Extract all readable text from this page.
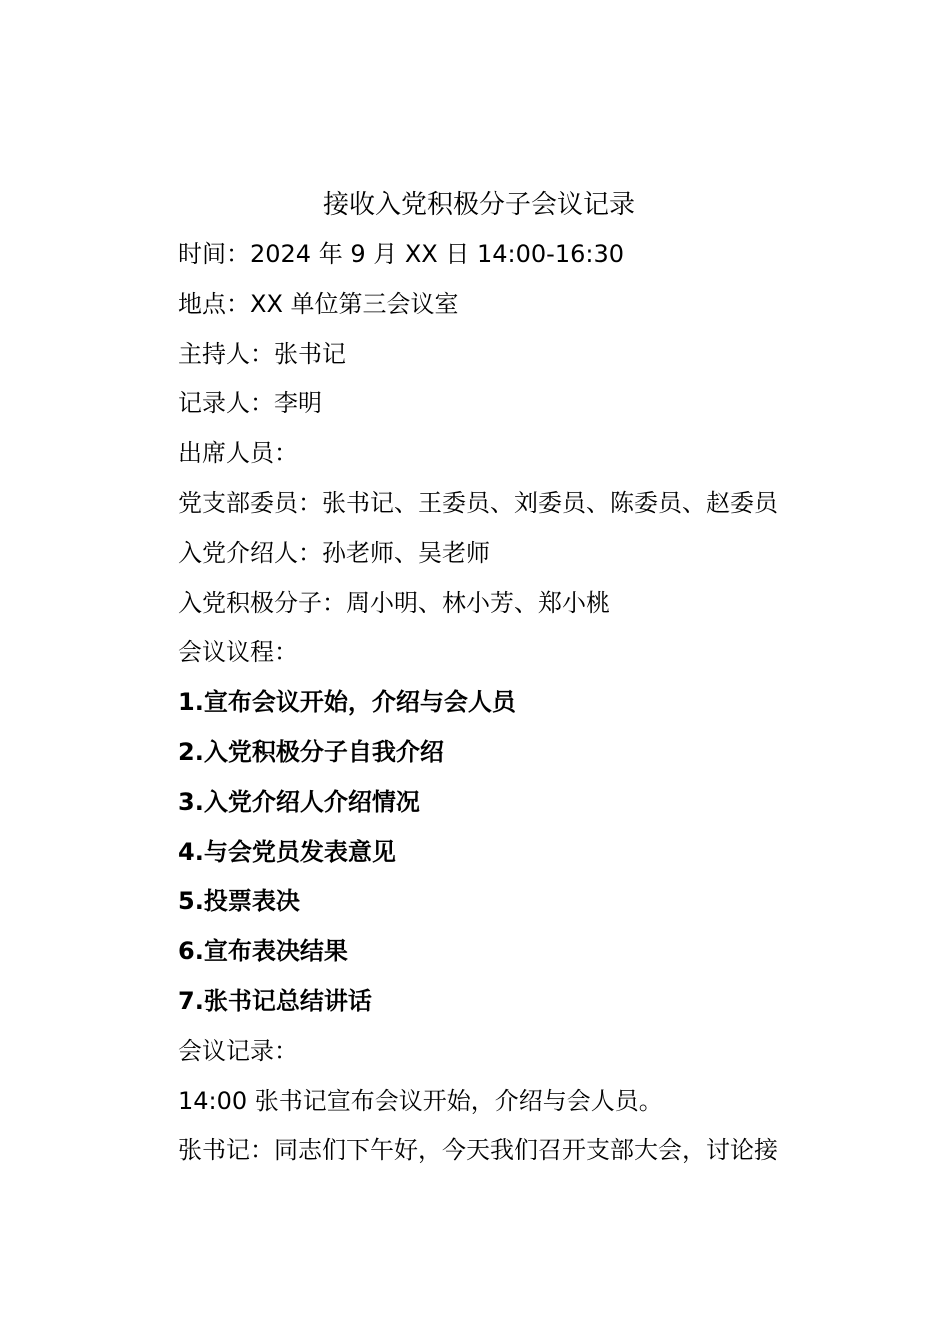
接收入党积极分子会议记录
时间：2024 年 9 月 XX 日 14:00-16:30
地点：XX 单位第三会议室
主持人：张书记
记录人：李明
出席人员：
党支部委员：张书记、王委员、刘委员、陈委员、赵委员
入党介绍人：孙老师、吴老师
入党积极分子：周小明、林小芳、郑小桃
会议议程：
1.宣布会议开始，介绍与会人员
2.入党积极分子自我介绍
3.入党介绍人介绍情况
4.与会党员发表意见
5.投票表决
6.宣布表决结果
7.张书记总结讲话
会议记录：
14:00 张书记宣布会议开始，介绍与会人员。
张书记：同志们下午好，今天我们召开支部大会，讨论接
